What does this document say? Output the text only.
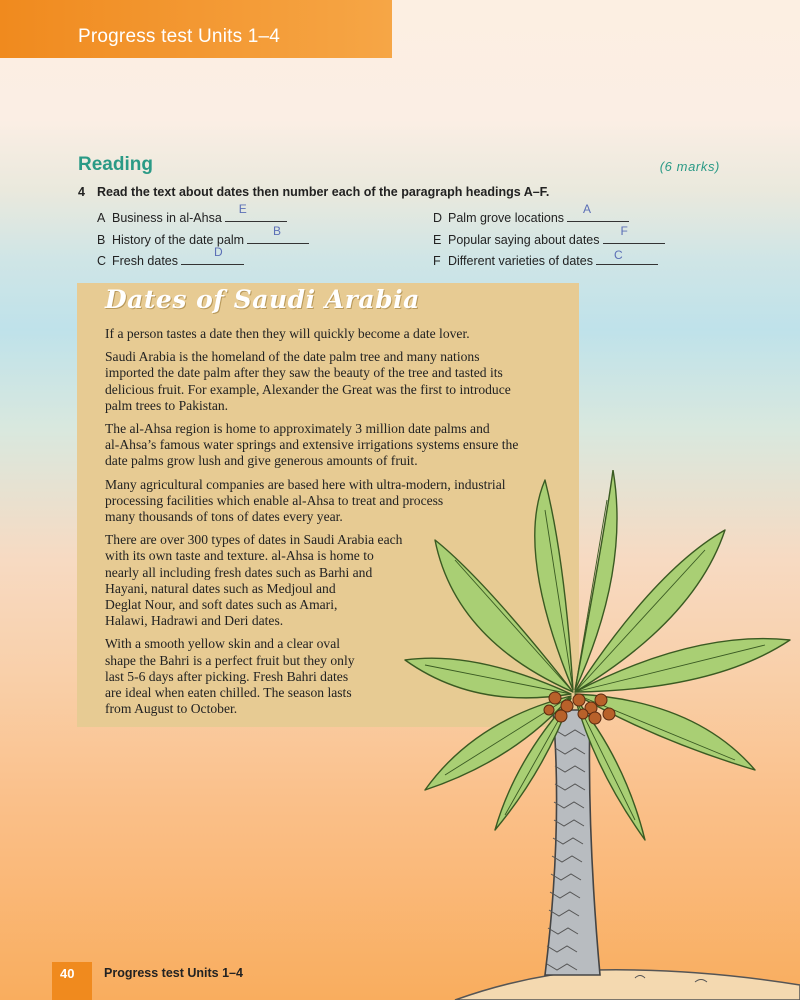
Progress test Units 1–4
Reading	(6 marks)
4 Read the text about dates then number each of the paragraph headings A–F.
A Business in al-Ahsa
E
B History of the date palm
B
C Fresh dates
D
D Palm grove locations
A
E Popular saying about dates
F
F Different varieties of dates C
Dates of Saudi Arabia

If a person tastes a date then they will quickly become a date lover.

Saudi Arabia is the homeland of the date palm tree and many nations
imported the date palm after they saw the beauty of the tree and tasted its
delicious fruit. For example, Alexander the Great was the first to introduce
palm trees to Pakistan.

The al-Ahsa region is home to approximately 3 million date palms and
al-Ahsa’s famous water springs and extensive irrigations systems ensure the
date palms grow lush and give generous amounts of fruit.

Many agricultural companies are based here with ultra-modern, industrial
processing facilities which enable al-Ahsa to treat and process
many thousands of tons of dates every year.

There are over 300 types of dates in Saudi Arabia each
with its own taste and texture. al-Ahsa is home to
nearly all including fresh dates such as Barhi and
Hayani, natural dates such as Medjoul and
Deglat Nour, and soft dates such as Amari,
Halawi, Hadrawi and Deri dates.

With a smooth yellow skin and a clear oval
shape the Bahri is a perfect fruit but they only
last 5-6 days after picking. Fresh Bahri dates
are ideal when eaten chilled. The season lasts
from August to October.

40 Progress test Units 1–4
